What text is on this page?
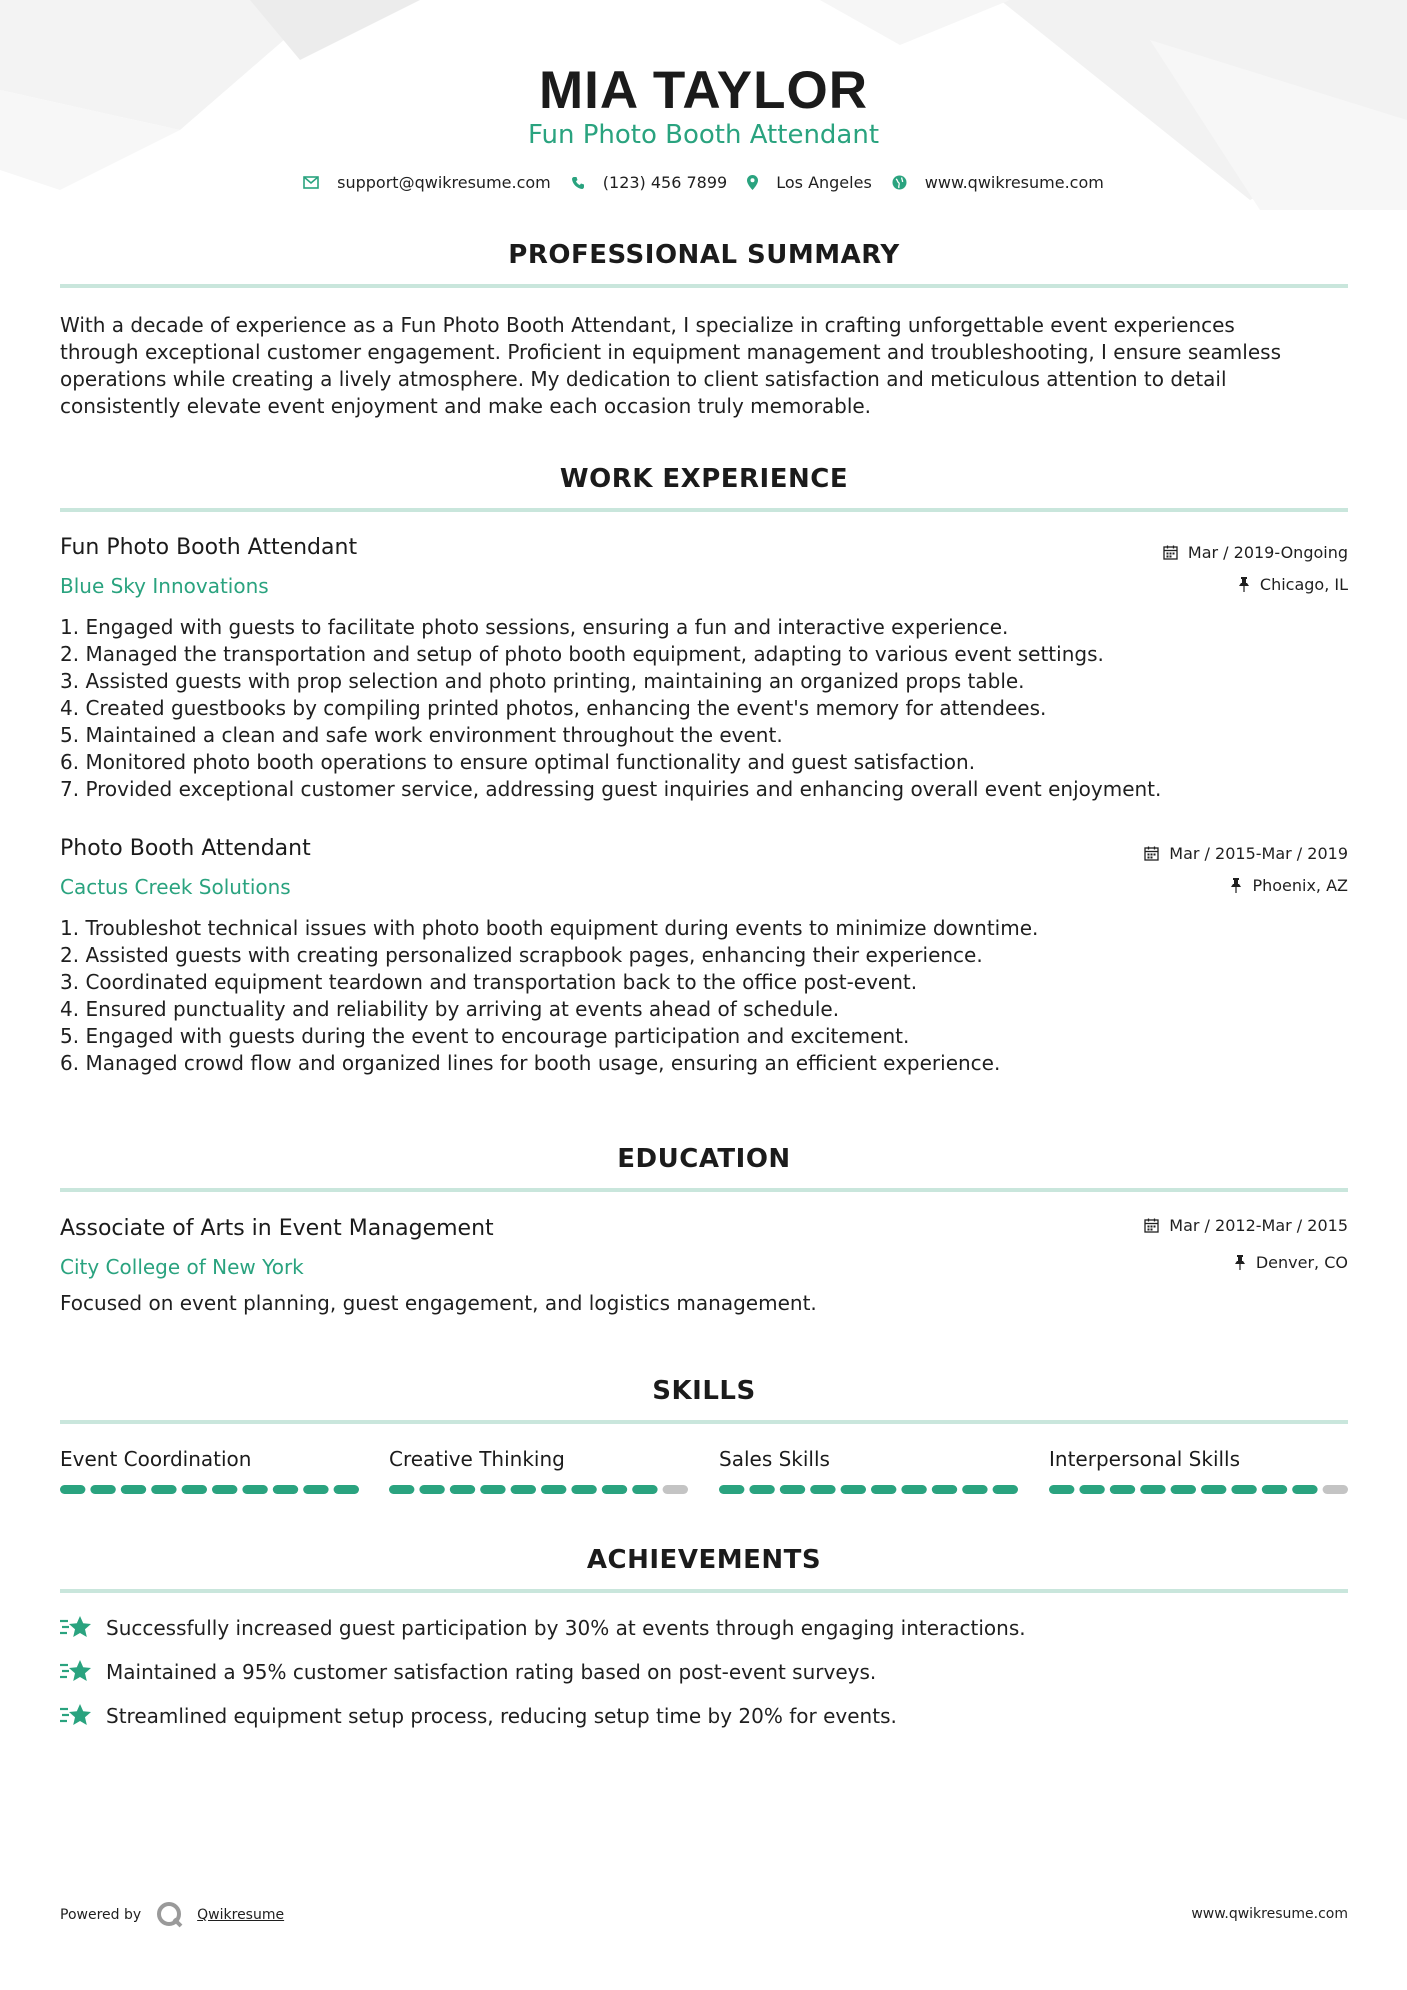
MIA TAYLOR
Fun Photo Booth Attendant
support@qwikresume.com	(123) 456 7899	Los Angeles	www.qwikresume.com
PROFESSIONAL SUMMARY
With a decade of experience as a Fun Photo Booth Attendant, I specialize in crafting unforgettable event experiences
through exceptional customer engagement. Proficient in equipment management and troubleshooting, I ensure seamless
operations while creating a lively atmosphere. My dedication to client satisfaction and meticulous attention to detail
consistently elevate event enjoyment and make each occasion truly memorable.
WORK EXPERIENCE
Fun Photo Booth Attendant
Blue Sky Innovations
Mar / 2019-Ongoing
Chicago, IL
1. Engaged with guests to facilitate photo sessions, ensuring a fun and interactive experience.
2. Managed the transportation and setup of photo booth equipment, adapting to various event settings.
3. Assisted guests with prop selection and photo printing, maintaining an organized props table.
4. Created guestbooks by compiling printed photos, enhancing the event's memory for attendees.
5. Maintained a clean and safe work environment throughout the event.
6. Monitored photo booth operations to ensure optimal functionality and guest satisfaction.
7. Provided exceptional customer service, addressing guest inquiries and enhancing overall event enjoyment.
Photo Booth Attendant
Cactus Creek Solutions
Mar / 2015-Mar / 2019
Phoenix, AZ
1. Troubleshot technical issues with photo booth equipment during events to minimize downtime.
2. Assisted guests with creating personalized scrapbook pages, enhancing their experience.
3. Coordinated equipment teardown and transportation back to the office post-event.
4. Ensured punctuality and reliability by arriving at events ahead of schedule.
5. Engaged with guests during the event to encourage participation and excitement.
6. Managed crowd flow and organized lines for booth usage, ensuring an efficient experience.
EDUCATION
Associate of Arts in Event Management
City College of New York
Mar / 2012-Mar / 2015
Denver, CO
Focused on event planning, guest engagement, and logistics management.
SKILLS
Event Coordination	Creative Thinking	Sales Skills	Interpersonal Skills
ACHIEVEMENTS
Successfully increased guest participation by 30% at events through engaging interactions.
Maintained a 95% customer satisfaction rating based on post-event surveys.
Streamlined equipment setup process, reducing setup time by 20% for events.
Powered by	Qwikresume	www.qwikresume.com
